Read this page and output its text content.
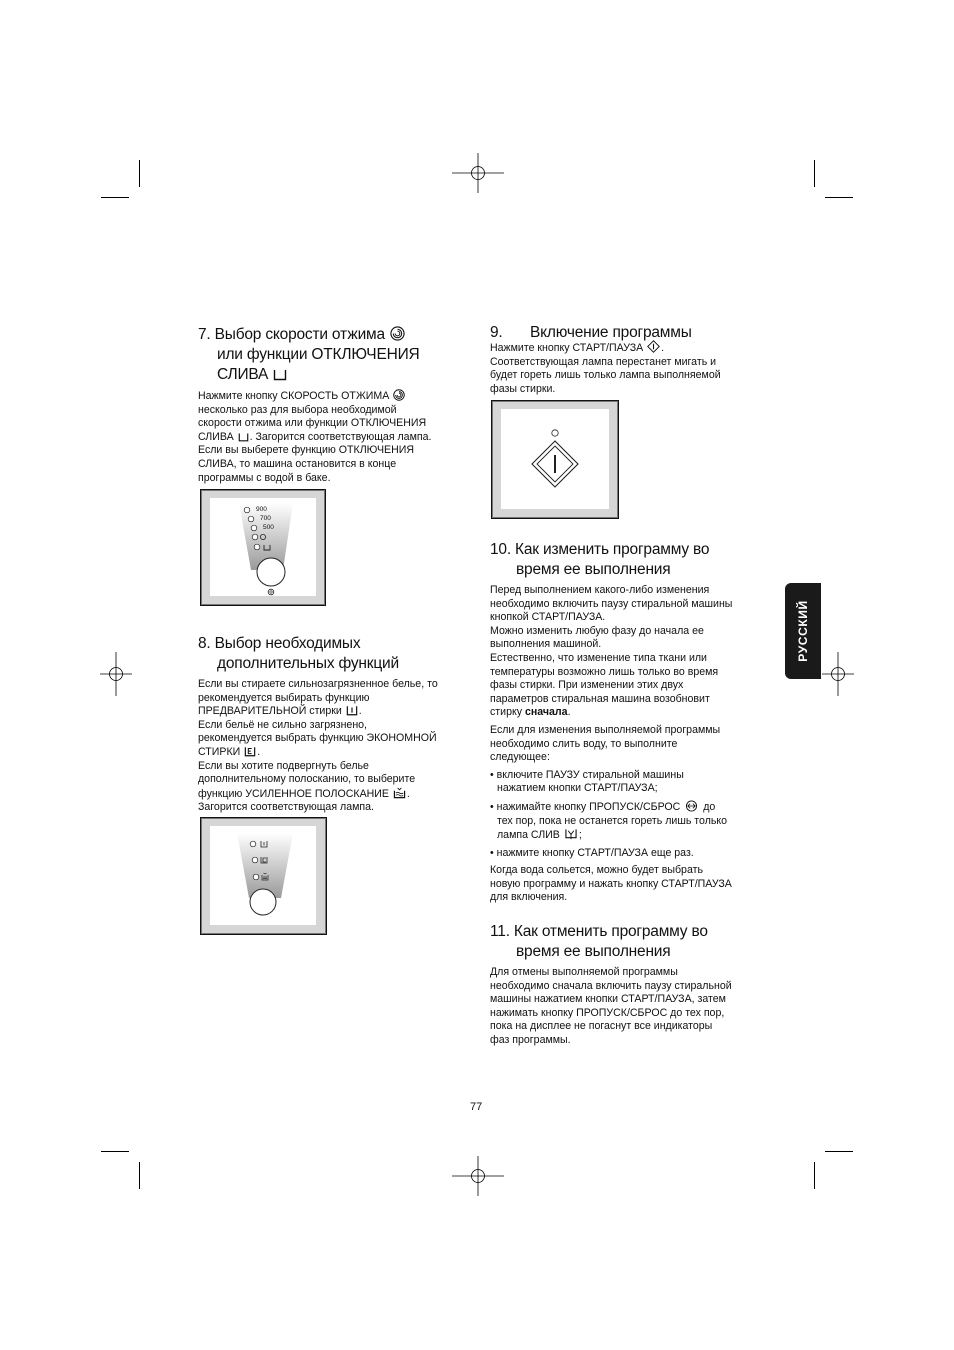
7. Выбор скорости отжима
или функции ОТКЛЮЧЕНИЯ
СЛИВА

Нажмите кнопку СКОРОСТЬ ОТЖИМА

несколько раз для выбора необходимой

скорости отжима или функции ОТКЛЮЧЕНИЯ

СЛИВА . Загорится соответствующая лампа.

Если вы выберете функцию ОТКЛЮЧЕНИЯ

СЛИВА, то машина остановится в конце

программы с водой в баке.

900
700
500
8. Выбор необходимых
дополнительных функций

Если вы стираете сильнозагрязненное белье, то

рекомендуется выбирать функцию

ПРЕДВАРИТЕЛЬНОЙ стирки .

Если бельё не сильно загрязнено,

рекомендуется выбрать функцию ЭКОНОМНОЙ

СТИРКИ .

Если вы хотите подвергнуть белье

дополнительному полосканию, то выберите

функцию УСИЛЕННОЕ ПОЛОСКАНИЕ .

Загорится соответствующая лампа.

9. Включение программы

Нажмите кнопку СТАРТ/ПАУЗА .

Соответствующая лампа перестанет мигать и

будет гореть лишь только лампа выполняемой

фазы стирки.

10. Как изменить программу во
время ее выполнения

Перед выполнением какого-либо изменения

необходимо включить паузу стиральной машины

кнопкой СТАРТ/ПАУЗА.

Можно изменить любую фазу до начала ее

выполнения машиной.

Естественно, что изменение типа ткани или

температуры возможно лишь только во время

фазы стирки. При изменении этих двух

параметров стиральная машина возобновит

стирку сначала.

Если для изменения выполняемой программы

необходимо слить воду, то выполните

следующее:

• включите ПАУЗУ стиральной машины

нажатием кнопки СТАРТ/ПАУЗА;

• нажимайте кнопку ПРОПУСК/СБРОС до

тех пор, пока не останется гореть лишь только

лампа СЛИВ ;

• нажмите кнопку СТАРТ/ПАУЗА еще раз.

Когда вода сольется, можно будет выбрать

новую программу и нажать кнопку СТАРТ/ПАУЗА

для включения.

11. Как отменить программу во
время ее выполнения

Для отмены выполняемой программы

необходимо сначала включить паузу стиральной

машины нажатием кнопки СТАРТ/ПАУЗА, затем

нажимать кнопку ПРОПУСК/СБРОС до тех пор,

пока на дисплее не погаснут все индикаторы

фаз программы.

РУССКИЙ
77
